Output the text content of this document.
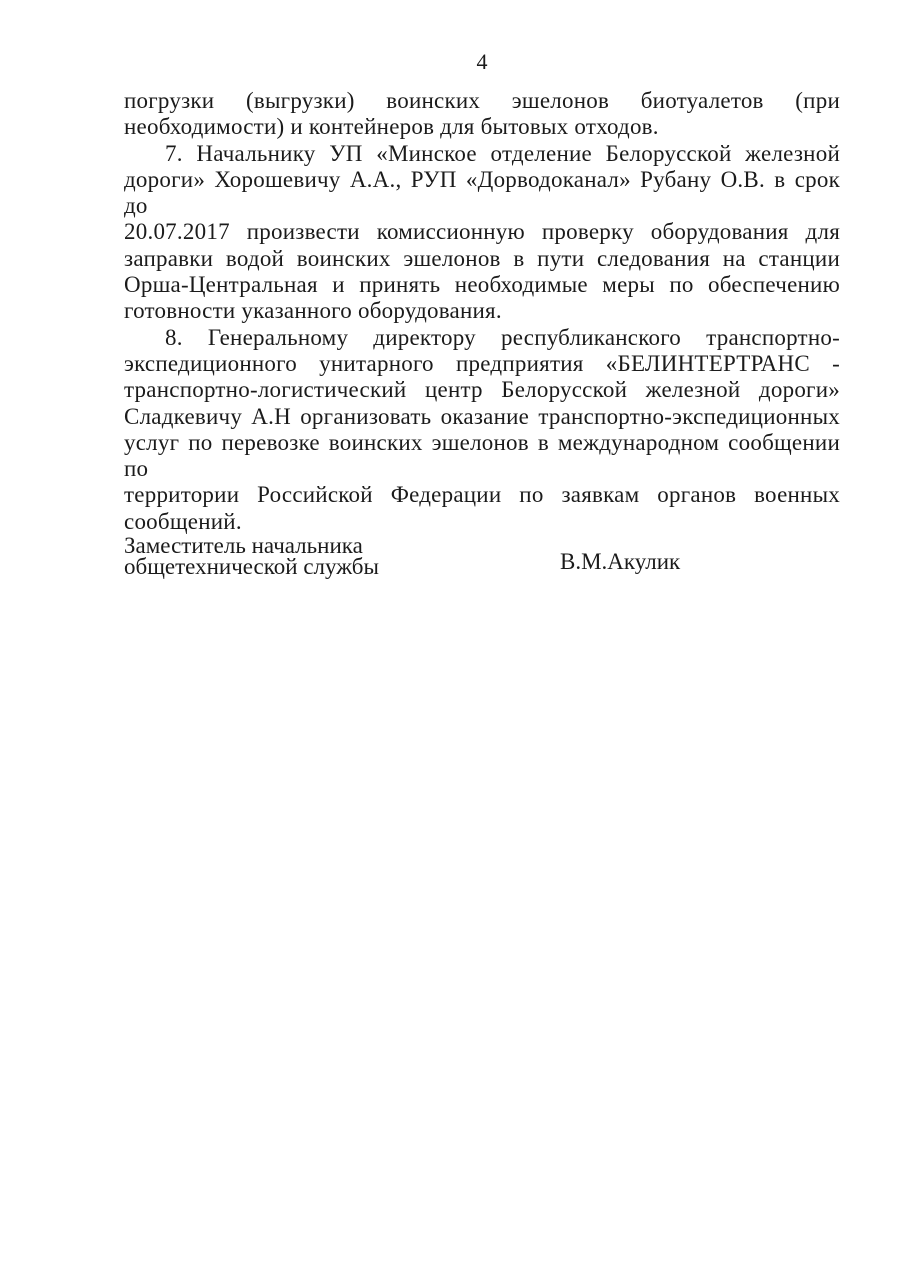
4
погрузки (выгрузки) воинских эшелонов биотуалетов (при
необходимости) и контейнеров для бытовых отходов.
7. Начальнику УП «Минское отделение Белорусской железной
дороги» Хорошевичу А.А., РУП «Дорводоканал» Рубану О.В. в срок до
20.07.2017 произвести комиссионную проверку оборудования для
заправки водой воинских эшелонов в пути следования на станции
Орша-Центральная и принять необходимые меры по обеспечению
готовности указанного оборудования.
8. Генеральному директору республиканского транспортно-
экспедиционного унитарного предприятия «БЕЛИНТЕРТРАНС -
транспортно-логистический центр Белорусской железной дороги»
Сладкевичу А.Н организовать оказание транспортно-экспедиционных
услуг по перевозке воинских эшелонов в международном сообщении по
территории Российской Федерации по заявкам органов военных
сообщений.
Заместитель начальника
общетехнической службы	В.М.Акулик
